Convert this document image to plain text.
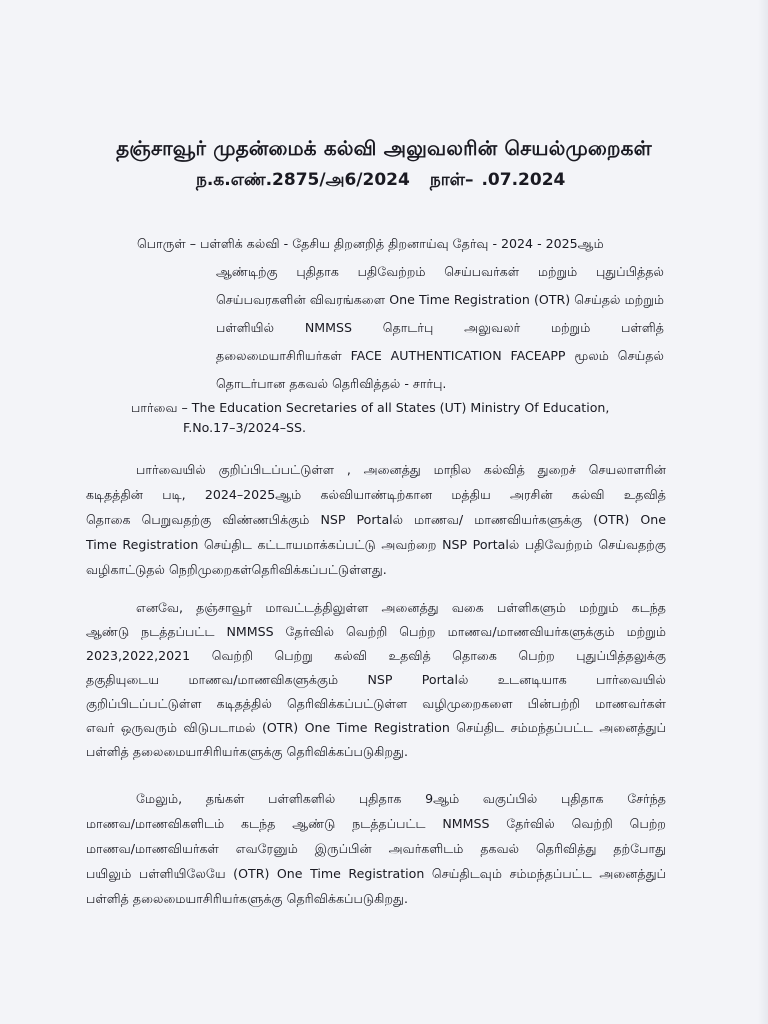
தஞ்சாவூர் முதன்மைக் கல்வி அலுவலரின் செயல்முறைகள்
ந.க.எண்.2875/அ6/2024 நாள்– .07.2024
பொருள் – பள்ளிக் கல்வி - தேசிய திறனறித் திறனாய்வு தேர்வு - 2024 - 2025ஆம்
ஆண்டிற்கு புதிதாக பதிவேற்றம் செய்பவர்கள் மற்றும் புதுப்பித்தல்
செய்பவரகளின் விவரங்களை One Time Registration (OTR) செய்தல் மற்றும்
பள்ளியில் NMMSS தொடர்பு அலுவலர் மற்றும் பள்ளித்
தலைமையாசிரியர்கள் FACE AUTHENTICATION FACEAPP மூலம் செய்தல்
தொடர்பான தகவல் தெரிவித்தல் - சார்பு.
பார்வை – The Education Secretaries of all States (UT) Ministry Of Education,
F.No.17–3/2024–SS.
பார்வையில் குறிப்பிடப்பட்டுள்ள , அனைத்து மாநில கல்வித் துறைச் செயலாளரின்
கடிதத்தின் படி, 2024–2025ஆம் கல்வியாண்டிற்கான மத்திய அரசின் கல்வி உதவித்
தொகை பெறுவதற்கு விண்ணபிக்கும் NSP Portalல் மாணவ/ மாணவியர்களுக்கு (OTR) One
Time Registration செய்திட கட்டாயமாக்கப்பட்டு அவற்றை NSP Portalல் பதிவேற்றம் செய்வதற்கு
வழிகாட்டுதல் நெறிமுறைகள்தெரிவிக்கப்பட்டுள்ளது.
எனவே, தஞ்சாவூர் மாவட்டத்திலுள்ள அனைத்து வகை பள்ளிகளும் மற்றும் கடந்த
ஆண்டு நடத்தப்பட்ட NMMSS தேர்வில் வெற்றி பெற்ற மாணவ/மாணவியர்களுக்கும் மற்றும்
2023,2022,2021 வெற்றி பெற்று கல்வி உதவித் தொகை பெற்ற புதுப்பித்தலுக்கு
தகுதியுடைய மாணவ/மாணவிகளுக்கும் NSP Portalல் உடனடியாக பார்வையில்
குறிப்பிடப்பட்டுள்ள கடிதத்தில் தெரிவிக்கப்பட்டுள்ள வழிமுறைகளை பின்பற்றி மாணவர்கள்
எவர் ஒருவரும் விடுபடாமல் (OTR) One Time Registration செய்திட சம்மந்தப்பட்ட அனைத்துப்
பள்ளித் தலைமையாசிரியர்களுக்கு தெரிவிக்கப்படுகிறது.
மேலும், தங்கள் பள்ளிகளில் புதிதாக 9ஆம் வகுப்பில் புதிதாக சேர்ந்த
மாணவ/மாணவிகளிடம் கடந்த ஆண்டு நடத்தப்பட்ட NMMSS தேர்வில் வெற்றி பெற்ற
மாணவ/மாணவியர்கள் எவரேனும் இருப்பின் அவர்களிடம் தகவல் தெரிவித்து தற்போது
பயிலும் பள்ளியிலேயே (OTR) One Time Registration செய்திடவும் சம்மந்தப்பட்ட அனைத்துப்
பள்ளித் தலைமையாசிரியர்களுக்கு தெரிவிக்கப்படுகிறது.
